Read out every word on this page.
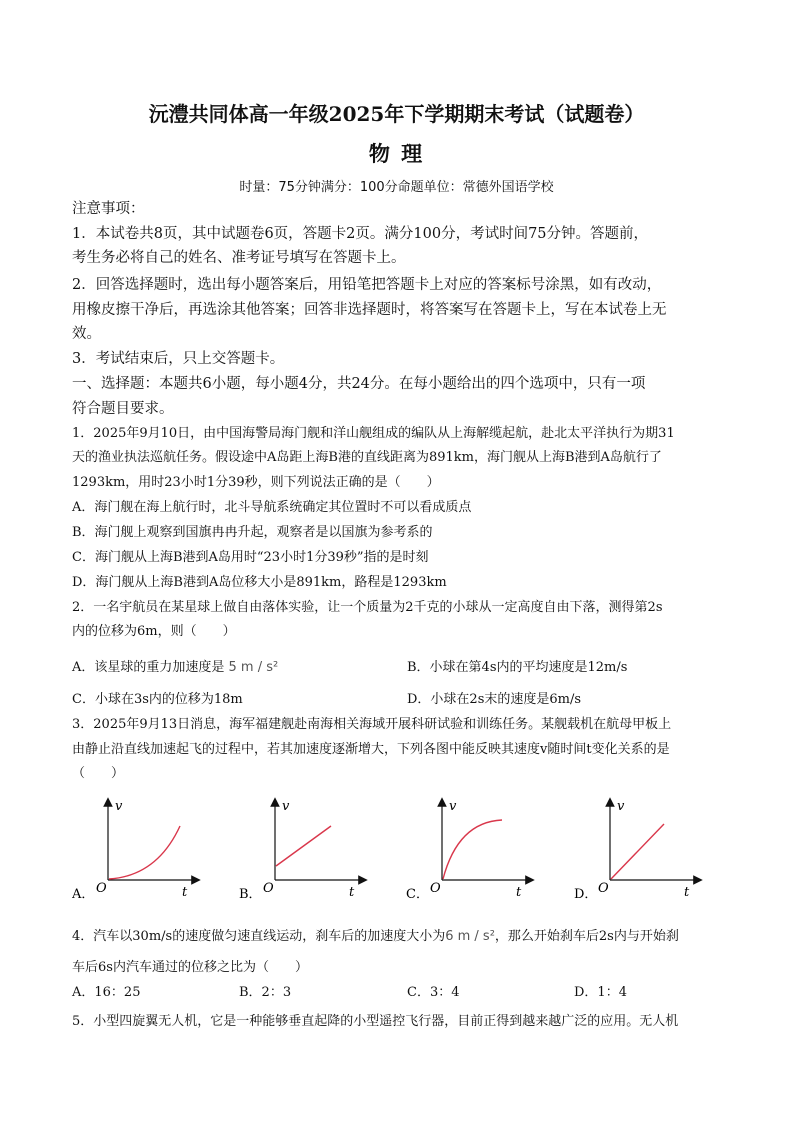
沅澧共同体高一年级2025年下学期期末考试（试题卷）
物 理
时量：75分钟满分：100分命题单位：常德外国语学校
注意事项：
1．本试卷共8页，其中试题卷6页，答题卡2页。满分100分，考试时间75分钟。答题前，
考生务必将自己的姓名、准考证号填写在答题卡上。
2．回答选择题时，选出每小题答案后，用铅笔把答题卡上对应的答案标号涂黑，如有改动，
用橡皮擦干净后，再选涂其他答案；回答非选择题时，将答案写在答题卡上，写在本试卷上无
效。
3．考试结束后，只上交答题卡。
一、选择题：本题共6小题，每小题4分，共24分。在每小题给出的四个选项中，只有一项
符合题目要求。
1．2025年9月10日，由中国海警局海门舰和洋山舰组成的编队从上海解缆起航，赴北太平洋执行为期31
天的渔业执法巡航任务。假设途中A岛距上海B港的直线距离为891km，海门舰从上海B港到A岛航行了
1293km，用时23小时1分39秒，则下列说法正确的是（　　）
A．海门舰在海上航行时，北斗导航系统确定其位置时不可以看成质点
B．海门舰上观察到国旗冉冉升起，观察者是以国旗为参考系的
C．海门舰从上海B港到A岛用时“23小时1分39秒”指的是时刻
D．海门舰从上海B港到A岛位移大小是891km，路程是1293km
2．一名宇航员在某星球上做自由落体实验，让一个质量为2千克的小球从一定高度自由下落，测得第2s
内的位移为6m，则（　　）
A．该星球的重力加速度是 5 m / s²	B．小球在第4s内的平均速度是12m/s
C．小球在3s内的位移为18m	D．小球在2s末的速度是6m/s
3．2025年9月13日消息，海军福建舰赴南海相关海域开展科研试验和训练任务。某舰载机在航母甲板上
由静止沿直线加速起飞的过程中，若其加速度逐渐增大，下列各图中能反映其速度v随时间t变化关系的是
（　　）
A．
v
t
O	B．
v
t
O	C．
v
t
O	D．
v
t
O
4．汽车以30m/s的速度做匀速直线运动，刹车后的加速度大小为6 m / s²，那么开始刹车后2s内与开始刹
车后6s内汽车通过的位移之比为（　　）
A．16：25	B．2：3	C．3：4	D．1：4
5．小型四旋翼无人机，它是一种能够垂直起降的小型遥控飞行器，目前正得到越来越广泛的应用。无人机
